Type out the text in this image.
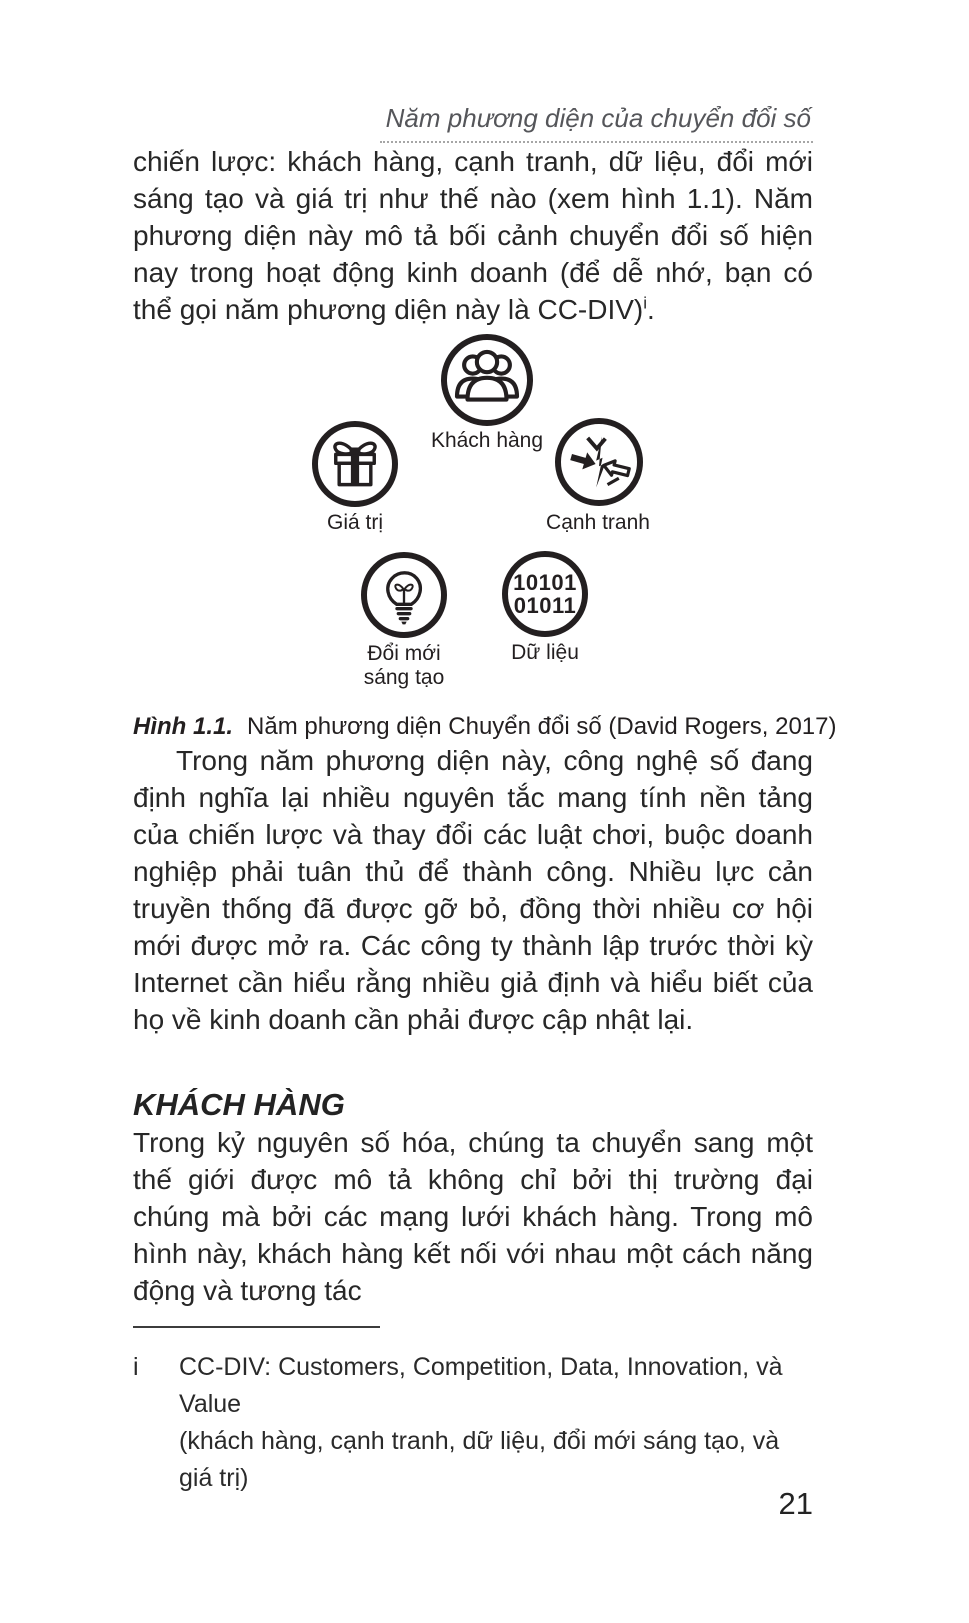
Năm phương diện của chuyển đổi số

chiến lược: khách hàng, cạnh tranh, dữ liệu, đổi mới sáng tạo và giá trị như thế nào (xem hình 1.1). Năm phương diện này mô tả bối cảnh chuyển đổi số hiện nay trong hoạt động kinh doanh (để dễ nhớ, bạn có thể gọi năm phương diện này là CC-DIV)$^i$.

Khách hàng
Giá trị	Cạnh tranh
Đổi mới
sáng tạo
10101
01011
Dữ liệu
Hình 1.1. Năm phương diện Chuyển đổi số (David Rogers, 2017)

Trong năm phương diện này, công nghệ số đang định nghĩa lại nhiều nguyên tắc mang tính nền tảng của chiến lược và thay đổi các luật chơi, buộc doanh nghiệp phải tuân thủ để thành công. Nhiều lực cản truyền thống đã được gỡ bỏ, đồng thời nhiều cơ hội mới được mở ra. Các công ty thành lập trước thời kỳ Internet cần hiểu rằng nhiều giả định và hiểu biết của họ về kinh doanh cần phải được cập nhật lại.

KHÁCH HÀNG

Trong kỷ nguyên số hóa, chúng ta chuyển sang một thế giới được mô tả không chỉ bởi thị trường đại chúng mà bởi các mạng lưới khách hàng. Trong mô hình này, khách hàng kết nối với nhau một cách năng động và tương tác

i	CC-DIV: Customers, Competition, Data, Innovation, và Value
(khách hàng, cạnh tranh, dữ liệu, đổi mới sáng tạo, và giá trị)
21
